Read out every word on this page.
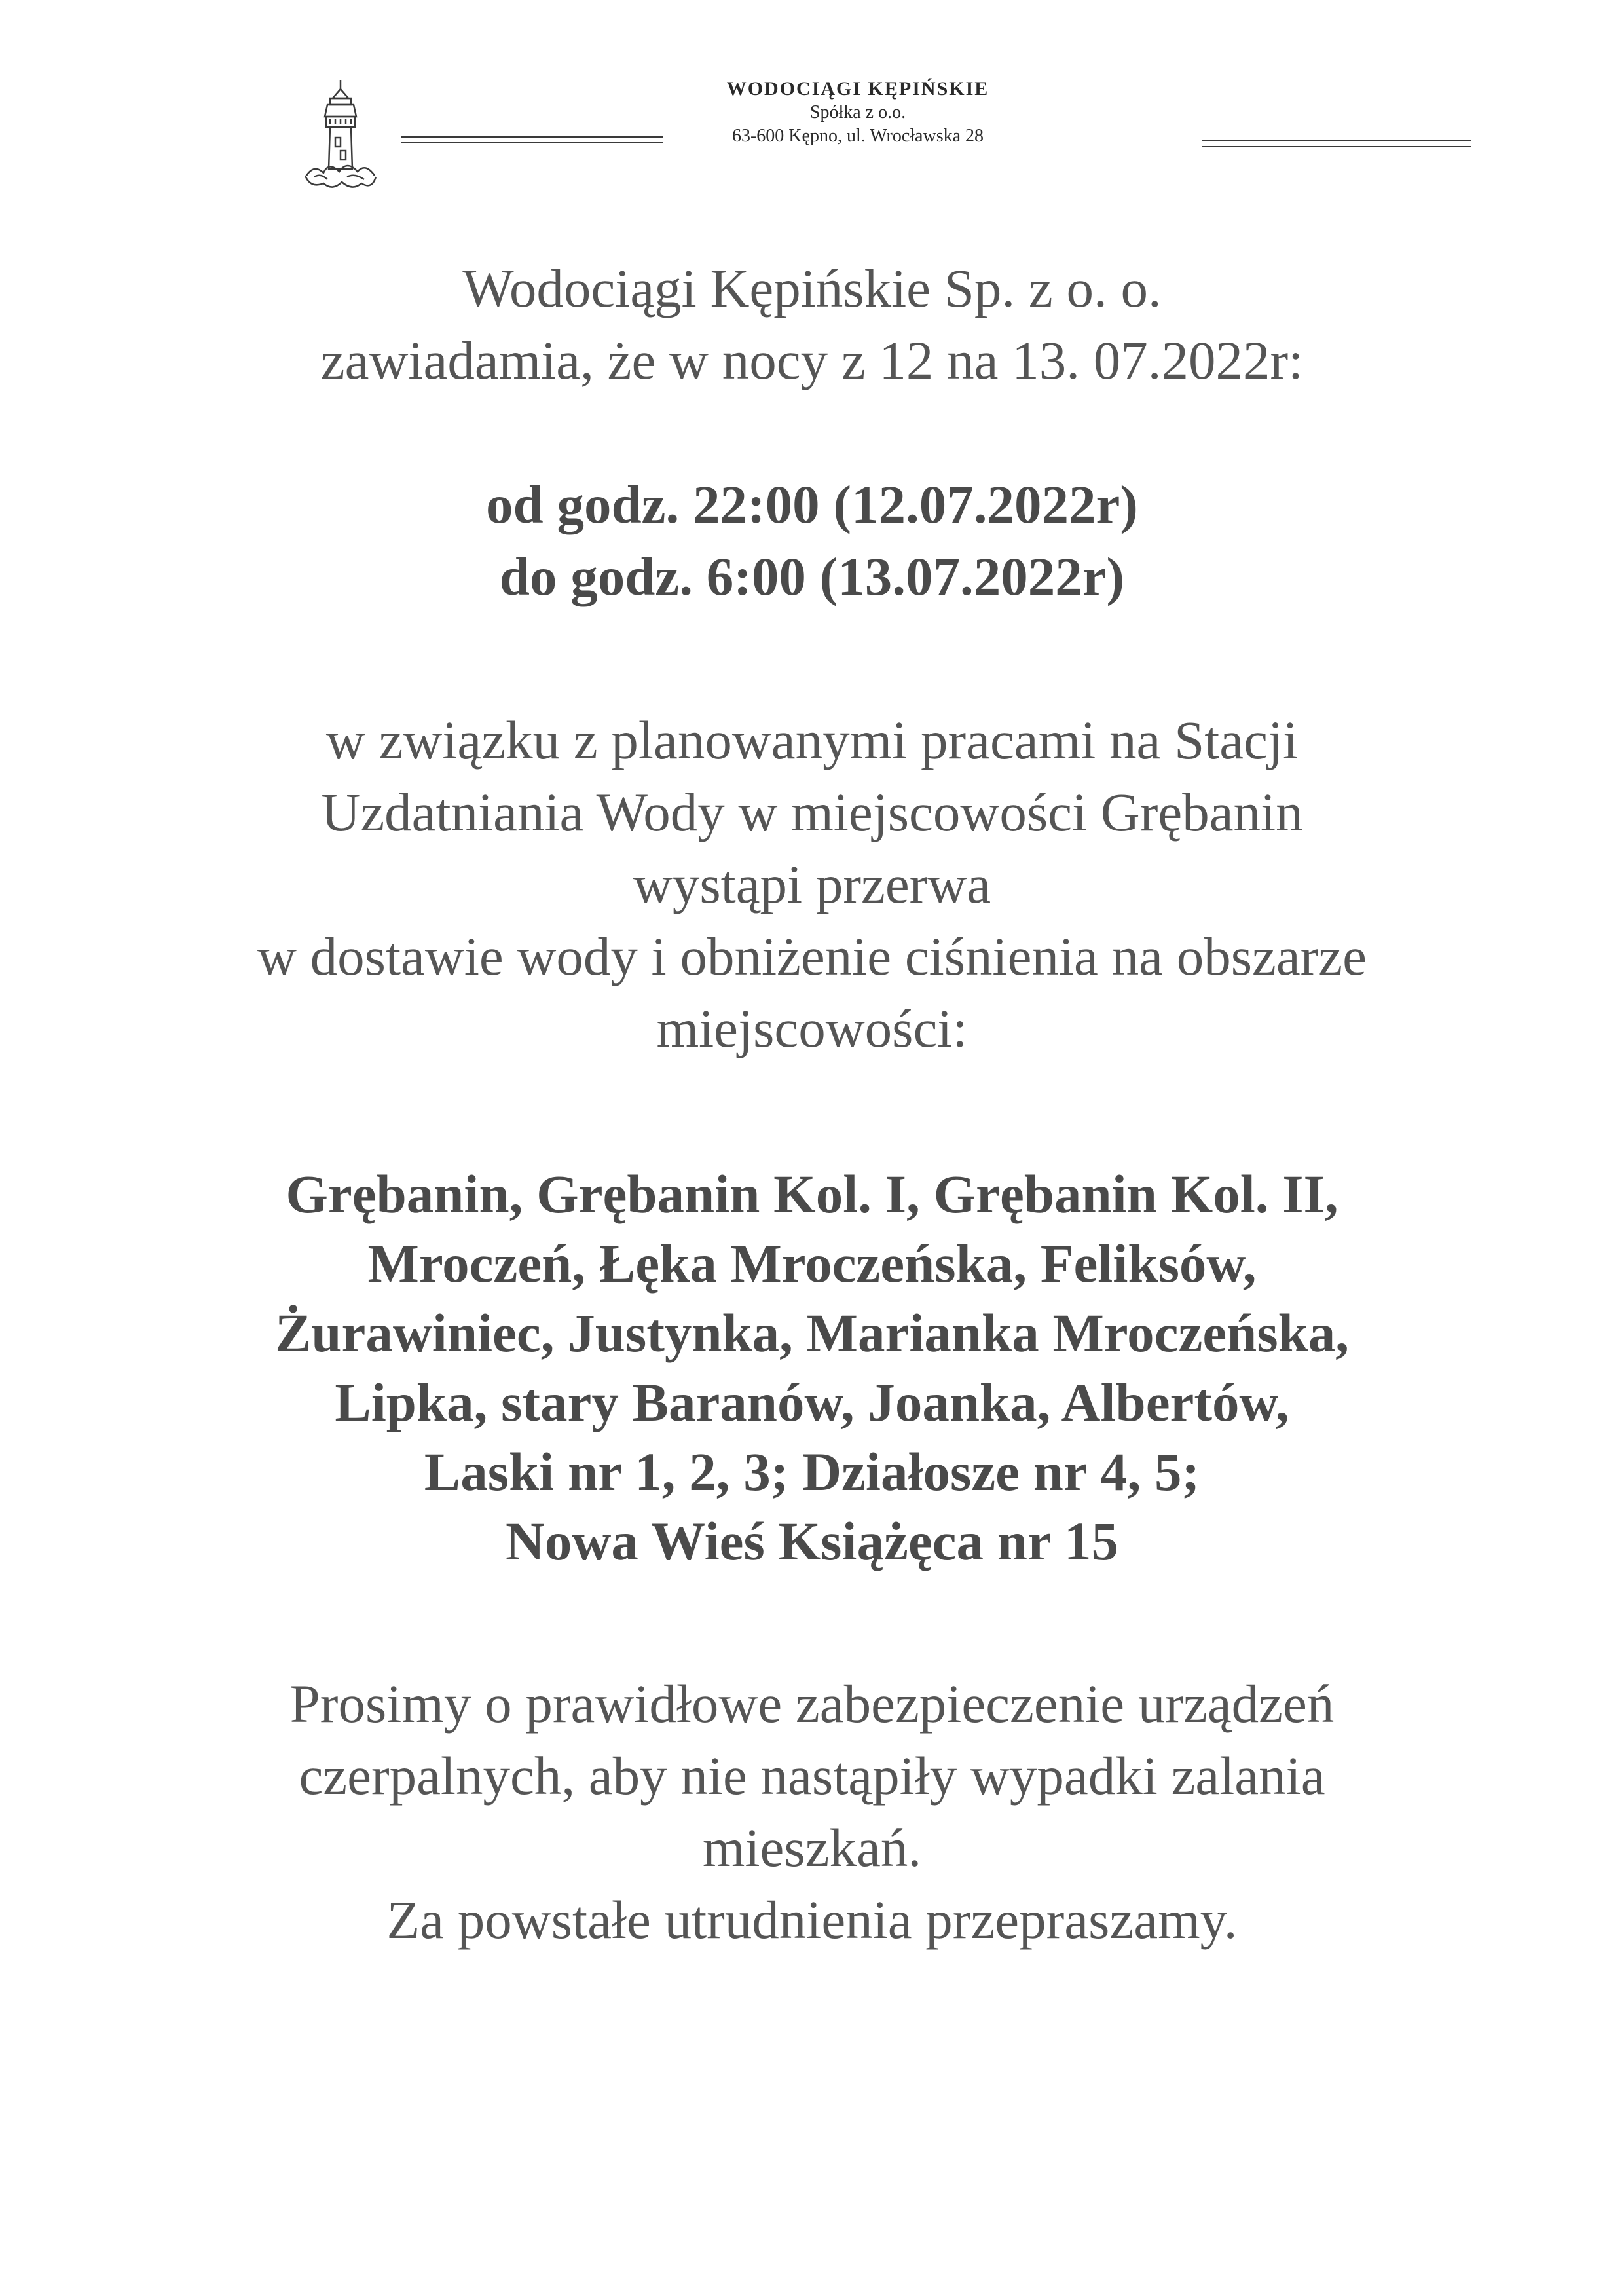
WODOCIĄGI KĘPIŃSKIE
Spółka z o.o.
63-600 Kępno, ul. Wrocławska 28
Wodociągi Kępińskie Sp. z o. o.
zawiadamia, że w nocy z 12 na 13. 07.2022r:
od godz. 22:00 (12.07.2022r)
do godz. 6:00 (13.07.2022r)
w związku z planowanymi pracami na Stacji
Uzdatniania Wody w miejscowości Grębanin
wystąpi przerwa
w dostawie wody i obniżenie ciśnienia na obszarze
miejscowości:
Grębanin, Grębanin Kol. I, Grębanin Kol. II,
Mroczeń, Łęka Mroczeńska, Feliksów,
Żurawiniec, Justynka, Marianka Mroczeńska,
Lipka, stary Baranów, Joanka, Albertów,
Laski nr 1, 2, 3; Działosze nr 4, 5;
Nowa Wieś Książęca nr 15
Prosimy o prawidłowe zabezpieczenie urządzeń
czerpalnych, aby nie nastąpiły wypadki zalania
mieszkań.
Za powstałe utrudnienia przepraszamy.
